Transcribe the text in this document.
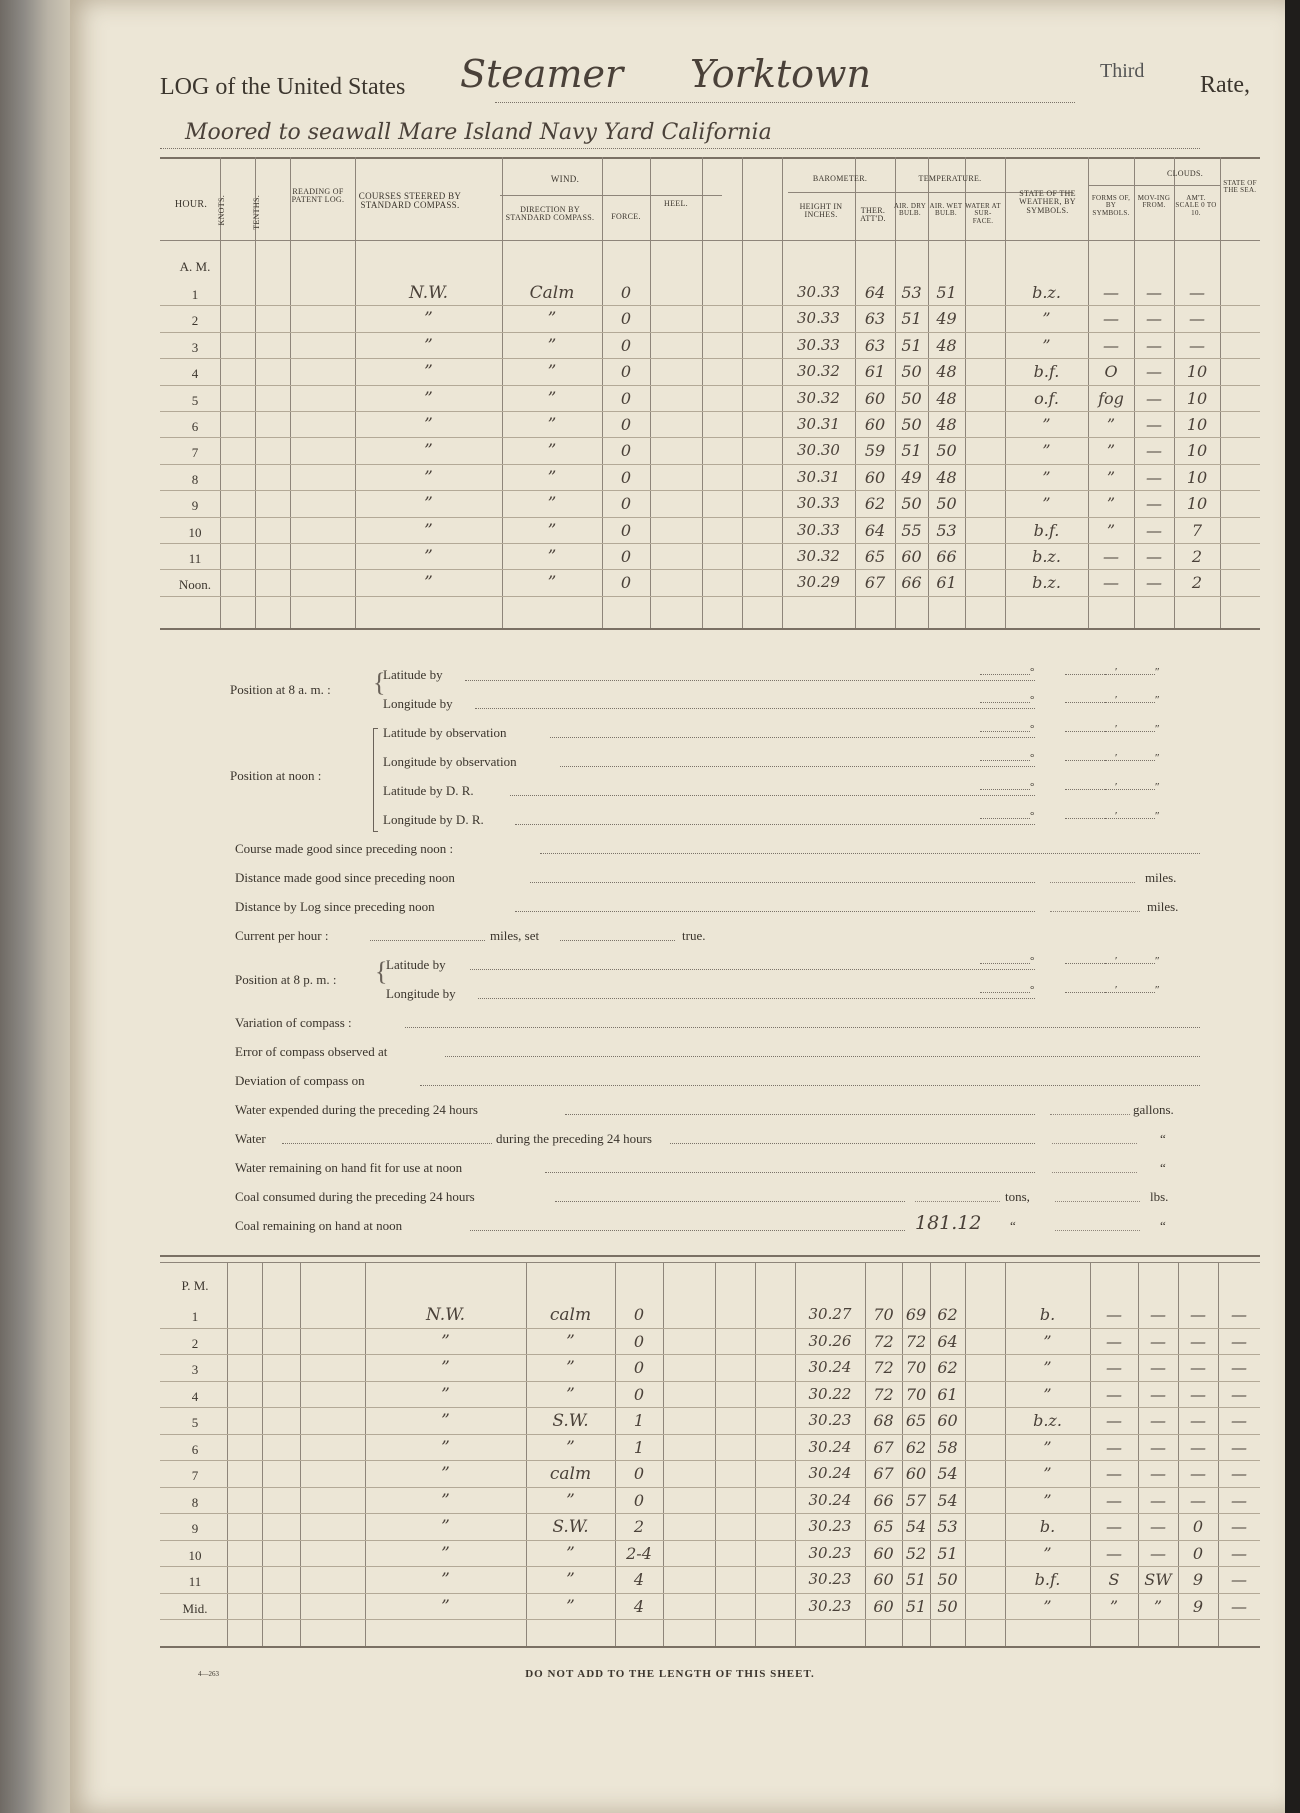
LOG of the United States Steamer Yorktown	Third
Rate,
Moored to seawall Mare Island Navy Yard California
HOUR.	KNOTS.	TENTHS.
READING OF PATENT LOG.	COURSES STEERED BY STANDARD COMPASS.
WIND.
DIRECTION BY STANDARD COMPASS.	FORCE.
HEEL.
BAROMETER.
HEIGHT IN INCHES.	THER. ATT'D.
TEMPERATURE.
AIR. DRY BULB.
AIR. WET BULB.
WATER AT SUR-FACE.
STATE OF THE WEATHER, BY SYMBOLS.
CLOUDS.
FORMS OF, BY SYMBOLS.
MOV-ING FROM.
AM'T. SCALE 0 TO 10.
STATE OF THE SEA.
A. M.
1	N.W.	Calm	0	30.33	64	53 51	b.z.	—	—	—
2	”	”	0	30.33	63	51 49	”	—	—	—
3	”	”	0	30.33	63	51 48	”	—	—	—
4	”	”	0	30.32	61	50 48	b.f.	O	—	10
5	”	”	0	30.32	60	50 48	o.f.	fog	—	10
6	”	”	0	30.31	60	50 48	”	”	—	10
7	”	”	0	30.30	59	51 50	”	”	—	10
8	”	”	0	30.31	60	49 48	”	”	—	10
9	”	”	0	30.33	62	50 50	”	”	—	10
10	”	”	0	30.33	64	55 53	b.f.	”	—	7
11	”	”	0	30.32	65	60 66	b.z.	—	—	2
Noon.	”	”	0	30.29	67	66 61	b.z.	—	—	2
Position at 8 a. m. : {
Latitude by
Longitude by
Position at noon :
Latitude by observation
Longitude by observation
Latitude by D. R.
Longitude by D. R.
Course made good since preceding noon :
Distance made good since preceding noon	miles.
Distance by Log since preceding noon	miles.
Current per hour :	miles, set	true.
Position at 8 p. m. : {
Latitude by
Longitude by
Variation of compass :
Error of compass observed at
Deviation of compass on
Water expended during the preceding 24 hours	gallons.
Water	during the preceding 24 hours	“
Water remaining on hand fit for use at noon	“
Coal consumed during the preceding 24 hours	tons,	lbs.
Coal remaining on hand at noon	181.12 “	“
°	′	″
°	′	″
°	′	″
°	′	″
°	′	″
°	′	″
°	′	″
°	′	″
P. M.
1	N.W.	calm	0	30.27	70 69 62	b.	—	—	—	—
2	”	”	0	30.26	72 72 64	”	—	—	—	—
3	”	”	0	30.24	72 70 62	”	—	—	—	—
4	”	”	0	30.22	72 70 61	”	—	—	—	—
5	”	S.W.	1	30.23	68 65 60	b.z.	—	—	—	—
6	”	”	1	30.24	67 62 58	”	—	—	—	—
7	”	calm	0	30.24	67 60 54	”	—	—	—	—
8	”	”	0	30.24	66 57 54	”	—	—	—	—
9	”	S.W.	2	30.23	65 54 53	b.	—	—	0	—
10	”	”	2-4	30.23	60 52 51	”	—	—	0	—
11	”	”	4	30.23	60 51 50	b.f.	S	SW	9	—
Mid.	”	”	4	30.23	60 51 50	”	”	”	9	—
4—263	DO NOT ADD TO THE LENGTH OF THIS SHEET.
